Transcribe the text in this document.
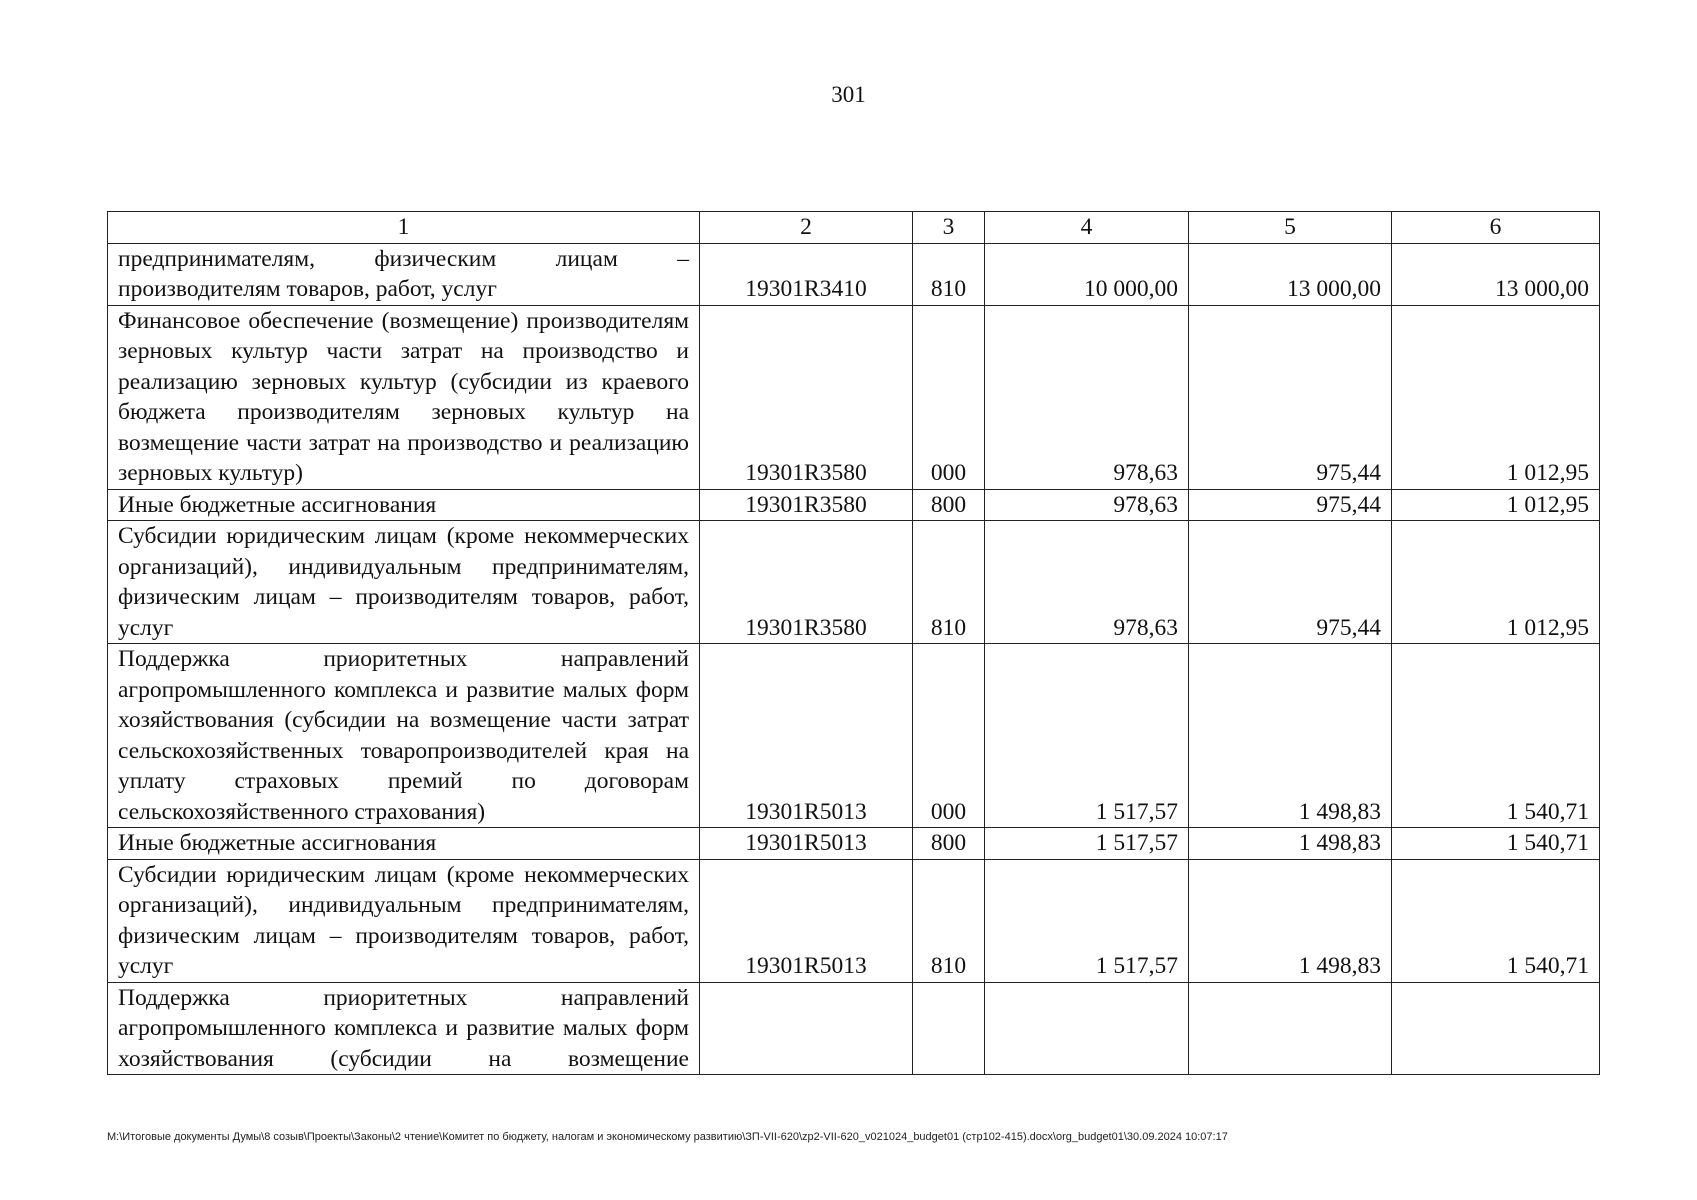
301
1	2	3	4	5	6
предпринимателям, физическим лицам – производителям товаров, работ, услуг	19301R3410	810	10 000,00	13 000,00	13 000,00
Финансовое обеспечение (возмещение) производителям зерновых культур части затрат на производство и реализацию зерновых культур (субсидии из краевого бюджета производителям зерновых культур на возмещение части затрат на производство и реализацию зерновых культур)	19301R3580	000	978,63	975,44	1 012,95
Иные бюджетные ассигнования	19301R3580	800	978,63	975,44	1 012,95
Субсидии юридическим лицам (кроме некоммерческих организаций), индивидуальным предпринимателям, физическим лицам – производителям товаров, работ, услуг	19301R3580	810	978,63	975,44	1 012,95
Поддержка приоритетных направлений агропромышленного комплекса и развитие малых форм хозяйствования (субсидии на возмещение части затрат сельскохозяйственных товаропроизводителей края на уплату страховых премий по договорам сельскохозяйственного страхования)	19301R5013	000	1 517,57	1 498,83	1 540,71
Иные бюджетные ассигнования	19301R5013	800	1 517,57	1 498,83	1 540,71
Субсидии юридическим лицам (кроме некоммерческих организаций), индивидуальным предпринимателям, физическим лицам – производителям товаров, работ, услуг	19301R5013	810	1 517,57	1 498,83	1 540,71
Поддержка приоритетных направлений агропромышленного комплекса и развитие малых форм хозяйствования (субсидии на возмещение					
M:\Итоговые документы Думы\8 созыв\Проекты\Законы\2 чтение\Комитет по бюджету, налогам и экономическому развитию\ЗП-VII-620\zp2-VII-620_v021024_budget01 (стр102-415).docx\org_budget01\30.09.2024 10:07:17
